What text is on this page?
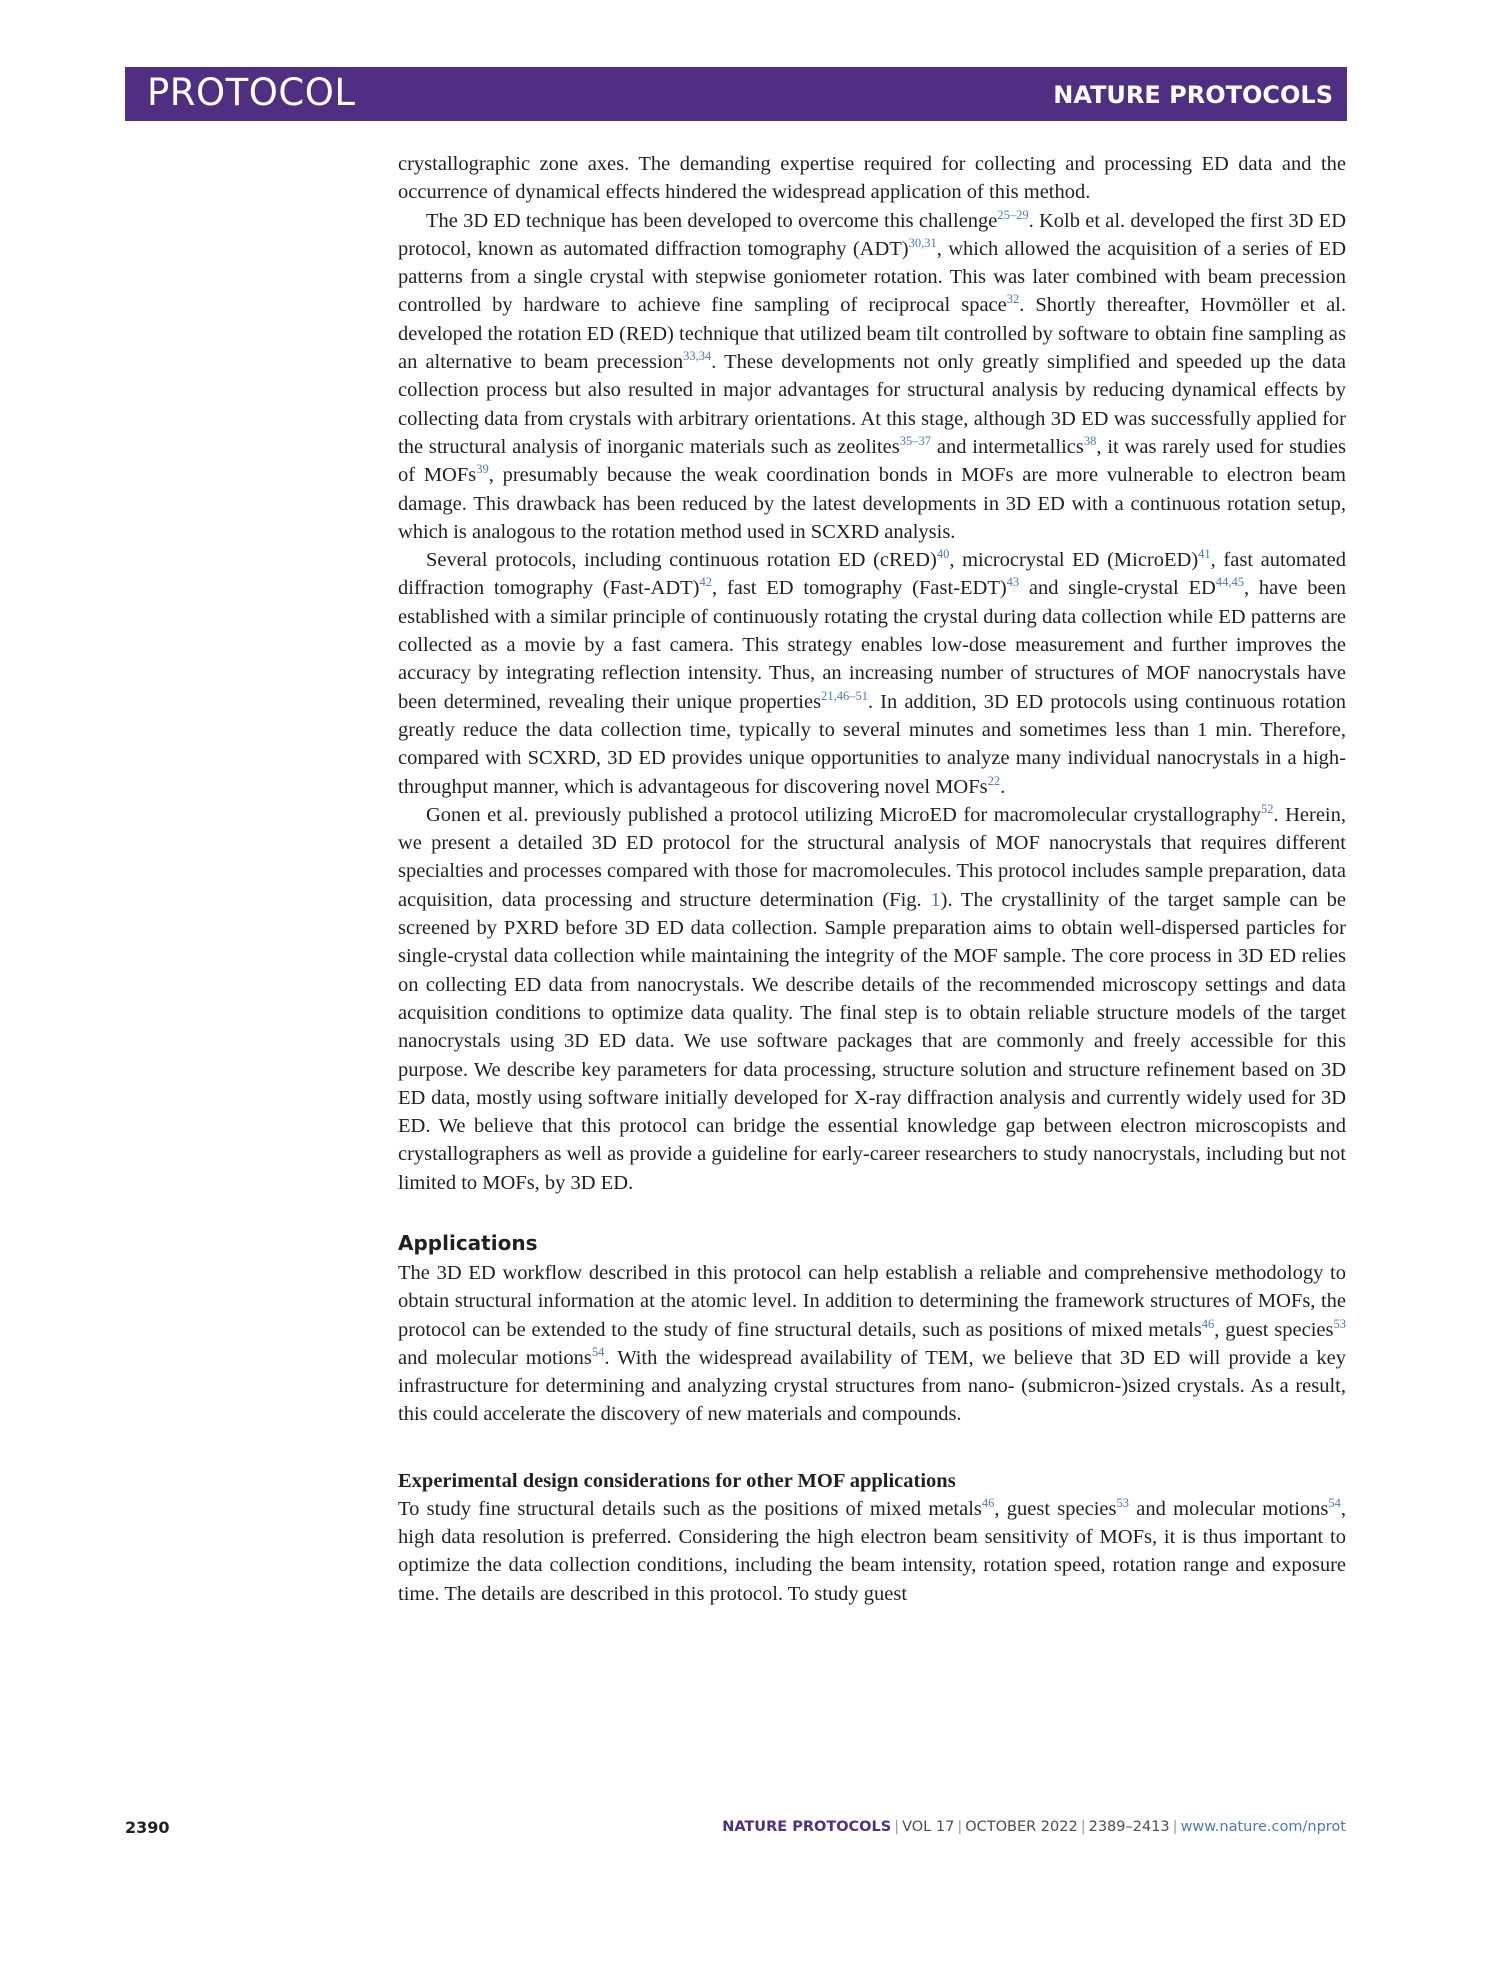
PROTOCOL	NATURE PROTOCOLS

crystallographic zone axes. The demanding expertise required for collecting and processing ED data and the occurrence of dynamical effects hindered the widespread application of this method.

The 3D ED technique has been developed to overcome this challenge$^{25-29}$. Kolb et al. developed the first 3D ED protocol, known as automated diffraction tomography (ADT)$^{30,31}$, which allowed the acquisition of a series of ED patterns from a single crystal with stepwise goniometer rotation. This was later combined with beam precession controlled by hardware to achieve fine sampling of reciprocal space$^{32}$. Shortly thereafter, Hovmöller et al. developed the rotation ED (RED) technique that utilized beam tilt controlled by software to obtain fine sampling as an alternative to beam precession$^{33,34}$. These developments not only greatly simplified and speeded up the data collection process but also resulted in major advantages for structural analysis by reducing dynamical effects by collecting data from crystals with arbitrary orientations. At this stage, although 3D ED was successfully applied for the structural analysis of inorganic materials such as zeolites$^{35-37}$ and intermetallics$^{38}$, it was rarely used for studies of MOFs$^{39}$, presumably because the weak coordination bonds in MOFs are more vulnerable to electron beam damage. This drawback has been reduced by the latest developments in 3D ED with a continuous rotation setup, which is analogous to the rotation method used in SCXRD analysis.

Several protocols, including continuous rotation ED (cRED)$^{40}$, microcrystal ED (MicroED)$^{41}$, fast automated diffraction tomography (Fast-ADT)$^{42}$, fast ED tomography (Fast-EDT)$^{43}$ and single-crystal ED$^{44,45}$, have been established with a similar principle of continuously rotating the crystal during data collection while ED patterns are collected as a movie by a fast camera. This strategy enables low-dose measurement and further improves the accuracy by integrating reflection intensity. Thus, an increasing number of structures of MOF nanocrystals have been determined, revealing their unique properties$^{21,46-51}$. In addition, 3D ED protocols using continuous rotation greatly reduce the data collection time, typically to several minutes and sometimes less than 1 min. Therefore, compared with SCXRD, 3D ED provides unique opportunities to analyze many individual nanocrystals in a high-throughput manner, which is advantageous for discovering novel MOFs$^{22}$.

Gonen et al. previously published a protocol utilizing MicroED for macromolecular crystallography$^{52}$. Herein, we present a detailed 3D ED protocol for the structural analysis of MOF nanocrystals that requires different specialties and processes compared with those for macromolecules. This protocol includes sample preparation, data acquisition, data processing and structure determination (Fig. 1). The crystallinity of the target sample can be screened by PXRD before 3D ED data collection. Sample preparation aims to obtain well-dispersed particles for single-crystal data collection while maintaining the integrity of the MOF sample. The core process in 3D ED relies on collecting ED data from nanocrystals. We describe details of the recommended microscopy settings and data acquisition conditions to optimize data quality. The final step is to obtain reliable structure models of the target nanocrystals using 3D ED data. We use software packages that are commonly and freely accessible for this purpose. We describe key parameters for data processing, structure solution and structure refinement based on 3D ED data, mostly using software initially developed for X-ray diffraction analysis and currently widely used for 3D ED. We believe that this protocol can bridge the essential knowledge gap between electron microscopists and crystallographers as well as provide a guideline for early-career researchers to study nanocrystals, including but not limited to MOFs, by 3D ED.

Applications

The 3D ED workflow described in this protocol can help establish a reliable and comprehensive methodology to obtain structural information at the atomic level. In addition to determining the framework structures of MOFs, the protocol can be extended to the study of fine structural details, such as positions of mixed metals$^{46}$, guest species$^{53}$ and molecular motions$^{54}$. With the widespread availability of TEM, we believe that 3D ED will provide a key infrastructure for determining and analyzing crystal structures from nano- (submicron-)sized crystals. As a result, this could accelerate the discovery of new materials and compounds.

Experimental design considerations for other MOF applications

To study fine structural details such as the positions of mixed metals$^{46}$, guest species$^{53}$ and molecular motions$^{54}$, high data resolution is preferred. Considering the high electron beam sensitivity of MOFs, it is thus important to optimize the data collection conditions, including the beam intensity, rotation speed, rotation range and exposure time. The details are described in this protocol. To study guest

2390	NATURE PROTOCOLS | VOL 17 | OCTOBER 2022 | 2389–2413 | www.nature.com/nprot
